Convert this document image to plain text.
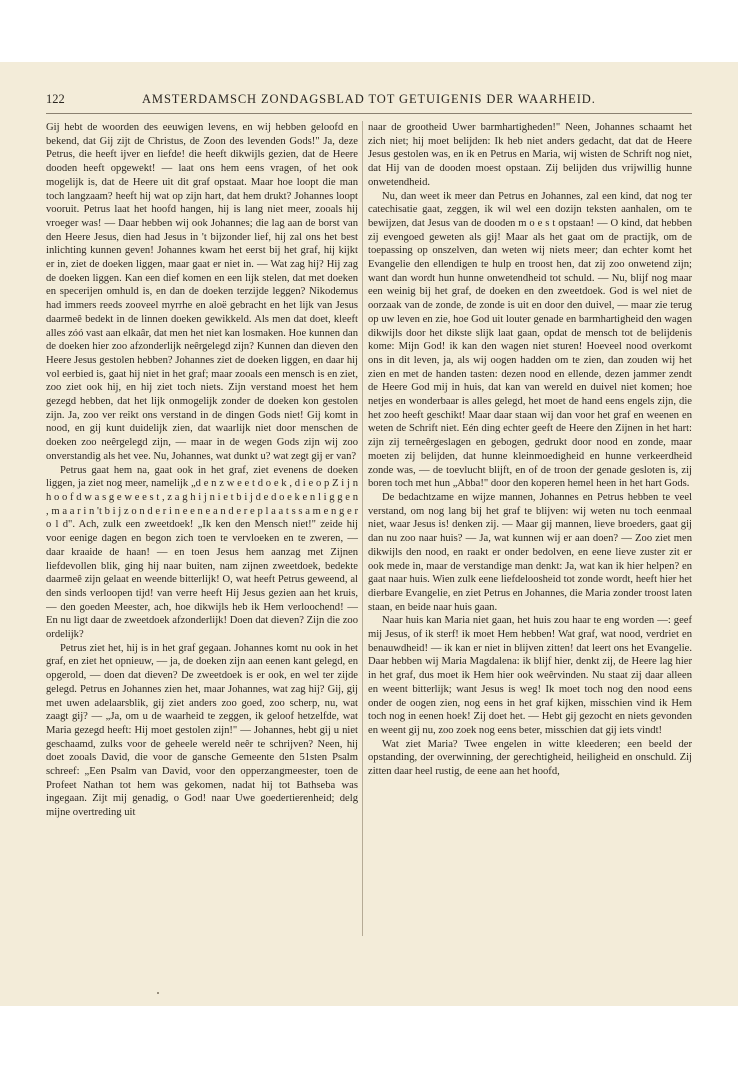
122	AMSTERDAMSCH ZONDAGSBLAD TOT GETUIGENIS DER WAARHEID.

Gij hebt de woorden des eeuwigen levens, en wij hebben geloofd en bekend, dat Gij zijt de Christus, de Zoon des levenden Gods!" Ja, deze Petrus, die heeft ijver en liefde! die heeft dikwijls gezien, dat de Heere dooden heeft opgewekt! — laat ons hem eens vragen, of het ook mogelijk is, dat de Heere uit dit graf opstaat. Maar hoe loopt die man toch langzaam? heeft hij wat op zijn hart, dat hem drukt? Johannes loopt vooruit. Petrus laat het hoofd hangen, hij is lang niet meer, zooals hij vroeger was! — Daar hebben wij ook Johannes; die lag aan de borst van den Heere Jesus, dien had Jesus in 't bijzonder lief, hij zal ons het best inlichting kunnen geven! Johannes kwam het eerst bij het graf, hij kijkt er in, ziet de doeken liggen, maar gaat er niet in. — Wat zag hij? Hij zag de doeken liggen. Kan een dief komen en een lijk stelen, dat met doeken en specerijen omhuld is, en dan de doeken terzijde leggen? Nikodemus had immers reeds zooveel myrrhe en aloë gebracht en het lijk van Jesus daarmeê bedekt in de linnen doeken gewikkeld. Als men dat doet, kleeft alles zóó vast aan elkaâr, dat men het niet kan losmaken. Hoe kunnen dan de doeken hier zoo afzonderlijk neêrgelegd zijn? Kunnen dan dieven den Heere Jesus gestolen hebben? Johannes ziet de doeken liggen, en daar hij vol eerbied is, gaat hij niet in het graf; maar zooals een mensch is en ziet, zoo ziet ook hij, en hij ziet toch niets. Zijn verstand moest het hem gezegd hebben, dat het lijk onmogelijk zonder de doeken kon gestolen zijn. Ja, zoo ver reikt ons verstand in de dingen Gods niet! Gij komt in nood, en gij kunt duidelijk zien, dat waarlijk niet door menschen de doeken zoo neêrgelegd zijn, — maar in de wegen Gods zijn wij zoo onverstandig als het vee. Nu, Johannes, wat dunkt u? wat zegt gij er van?

Petrus gaat hem na, gaat ook in het graf, ziet evenens de doeken liggen, ja ziet nog meer, namelijk „d e n z w e e t d o e k , d i e o p Z i j n h o o f d w a s g e w e e s t , z a g h i j n i e t b i j d e d o e k e n l i g g e n , m a a r i n 't b i j z o n d e r i n e e n e a n d e r e p l a a t s s a m e n g e r o l d". Ach, zulk een zweetdoek! „Ik ken den Mensch niet!" zeide hij voor eenige dagen en begon zich toen te vervloeken en te zweren, — daar kraaide de haan! — en toen Jesus hem aanzag met Zijnen liefdevollen blik, ging hij naar buiten, nam zijnen zweetdoek, bedekte daarmeê zijn gelaat en weende bitterlijk! O, wat heeft Petrus geweend, al den sinds verloopen tijd! van verre heeft Hij Jesus gezien aan het kruis, — den goeden Meester, ach, hoe dikwijls heb ik Hem verloochend! — En nu ligt daar de zweetdoek afzonderlijk! Doen dat dieven? Zijn die zoo ordelijk?

Petrus ziet het, hij is in het graf gegaan. Johannes komt nu ook in het graf, en ziet het opnieuw, — ja, de doeken zijn aan eenen kant gelegd, en opgerold, — doen dat dieven? De zweetdoek is er ook, en wel ter zijde gelegd. Petrus en Johannes zien het, maar Johannes, wat zag hij? Gij, gij met uwen adelaarsblik, gij ziet anders zoo goed, zoo scherp, nu, wat zaagt gij? — „Ja, om u de waarheid te zeggen, ik geloof hetzelfde, wat Maria gezegd heeft: Hij moet gestolen zijn!" — Johannes, hebt gij u niet geschaamd, zulks voor de geheele wereld neêr te schrijven? Neen, hij doet zooals David, die voor de gansche Gemeente den 51sten Psalm schreef: „Een Psalm van David, voor den opperzangmeester, toen de Profeet Nathan tot hem was gekomen, nadat hij tot Bathseba was ingegaan. Zijt mij genadig, o God! naar Uwe goedertierenheid; delg mijne overtreding uit

naar de grootheid Uwer barmhartigheden!" Neen, Johannes schaamt het zich niet; hij moet belijden: Ik heb niet anders gedacht, dat dat de Heere Jesus gestolen was, en ik en Petrus en Maria, wij wisten de Schrift nog niet, dat Hij van de dooden moest opstaan. Zij belijden dus vrijwillig hunne onwetendheid.

Nu, dan weet ik meer dan Petrus en Johannes, zal een kind, dat nog ter catechisatie gaat, zeggen, ik wil wel een dozijn teksten aanhalen, om te bewijzen, dat Jesus van de dooden m o e s t opstaan! — O kind, dat hebben zij evengoed geweten als gij! Maar als het gaat om de practijk, om de toepassing op onszelven, dan weten wij niets meer; dan echter komt het Evangelie den ellendigen te hulp en troost hen, dat zij zoo onwetend zijn; want dan wordt hun hunne onwetendheid tot schuld. — Nu, blijf nog maar een weinig bij het graf, de doeken en den zweetdoek. God is wel niet de oorzaak van de zonde, de zonde is uit en door den duivel, — maar zie terug op uw leven en zie, hoe God uit louter genade en barmhartigheid den wagen dikwijls door het dikste slijk laat gaan, opdat de mensch tot de belijdenis kome: Mijn God! ik kan den wagen niet sturen! Hoeveel nood overkomt ons in dit leven, ja, als wij oogen hadden om te zien, dan zouden wij het zien en met de handen tasten: dezen nood en ellende, dezen jammer zendt de Heere God mij in huis, dat kan van wereld en duivel niet komen; hoe netjes en wonderbaar is alles gelegd, het moet de hand eens engels zijn, die het zoo heeft geschikt! Maar daar staan wij dan voor het graf en weenen en weten de Schrift niet. Eén ding echter geeft de Heere den Zijnen in het hart: zijn zij terneêrgeslagen en gebogen, gedrukt door nood en zonde, maar moeten zij belijden, dat hunne kleinmoedigheid en hunne verkeerdheid zonde was, — de toevlucht blijft, en of de troon der genade gesloten is, zij boren toch met hun „Abba!" door den koperen hemel heen in het hart Gods.

De bedachtzame en wijze mannen, Johannes en Petrus hebben te veel verstand, om nog lang bij het graf te blijven: wij weten nu toch eenmaal niet, waar Jesus is! denken zij. — Maar gij mannen, lieve broeders, gaat gij dan nu zoo naar huis? — Ja, wat kunnen wij er aan doen? — Zoo ziet men dikwijls den nood, en raakt er onder bedolven, en eene lieve zuster zit er ook mede in, maar de verstandige man denkt: Ja, wat kan ik hier helpen? en gaat naar huis. Wien zulk eene liefdeloosheid tot zonde wordt, heeft hier het dierbare Evangelie, en ziet Petrus en Johannes, die Maria zonder troost laten staan, en beide naar huis gaan.

Naar huis kan Maria niet gaan, het huis zou haar te eng worden —: geef mij Jesus, of ik sterf! ik moet Hem hebben! Wat graf, wat nood, verdriet en benauwdheid! — ik kan er niet in blijven zitten! dat leert ons het Evangelie. Daar hebben wij Maria Magdalena: ik blijf hier, denkt zij, de Heere lag hier in het graf, dus moet ik Hem hier ook weêrvinden. Nu staat zij daar alleen en weent bitterlijk; want Jesus is weg! Ik moet toch nog den nood eens onder de oogen zien, nog eens in het graf kijken, misschien vind ik Hem toch nog in eenen hoek! Zij doet het. — Hebt gij gezocht en niets gevonden en weent gij nu, zoo zoek nog eens beter, misschien dat gij iets vindt!

Wat ziet Maria? Twee engelen in witte kleederen; een beeld der opstanding, der overwinning, der gerechtigheid, heiligheid en onschuld. Zij zitten daar heel rustig, de eene aan het hoofd,
